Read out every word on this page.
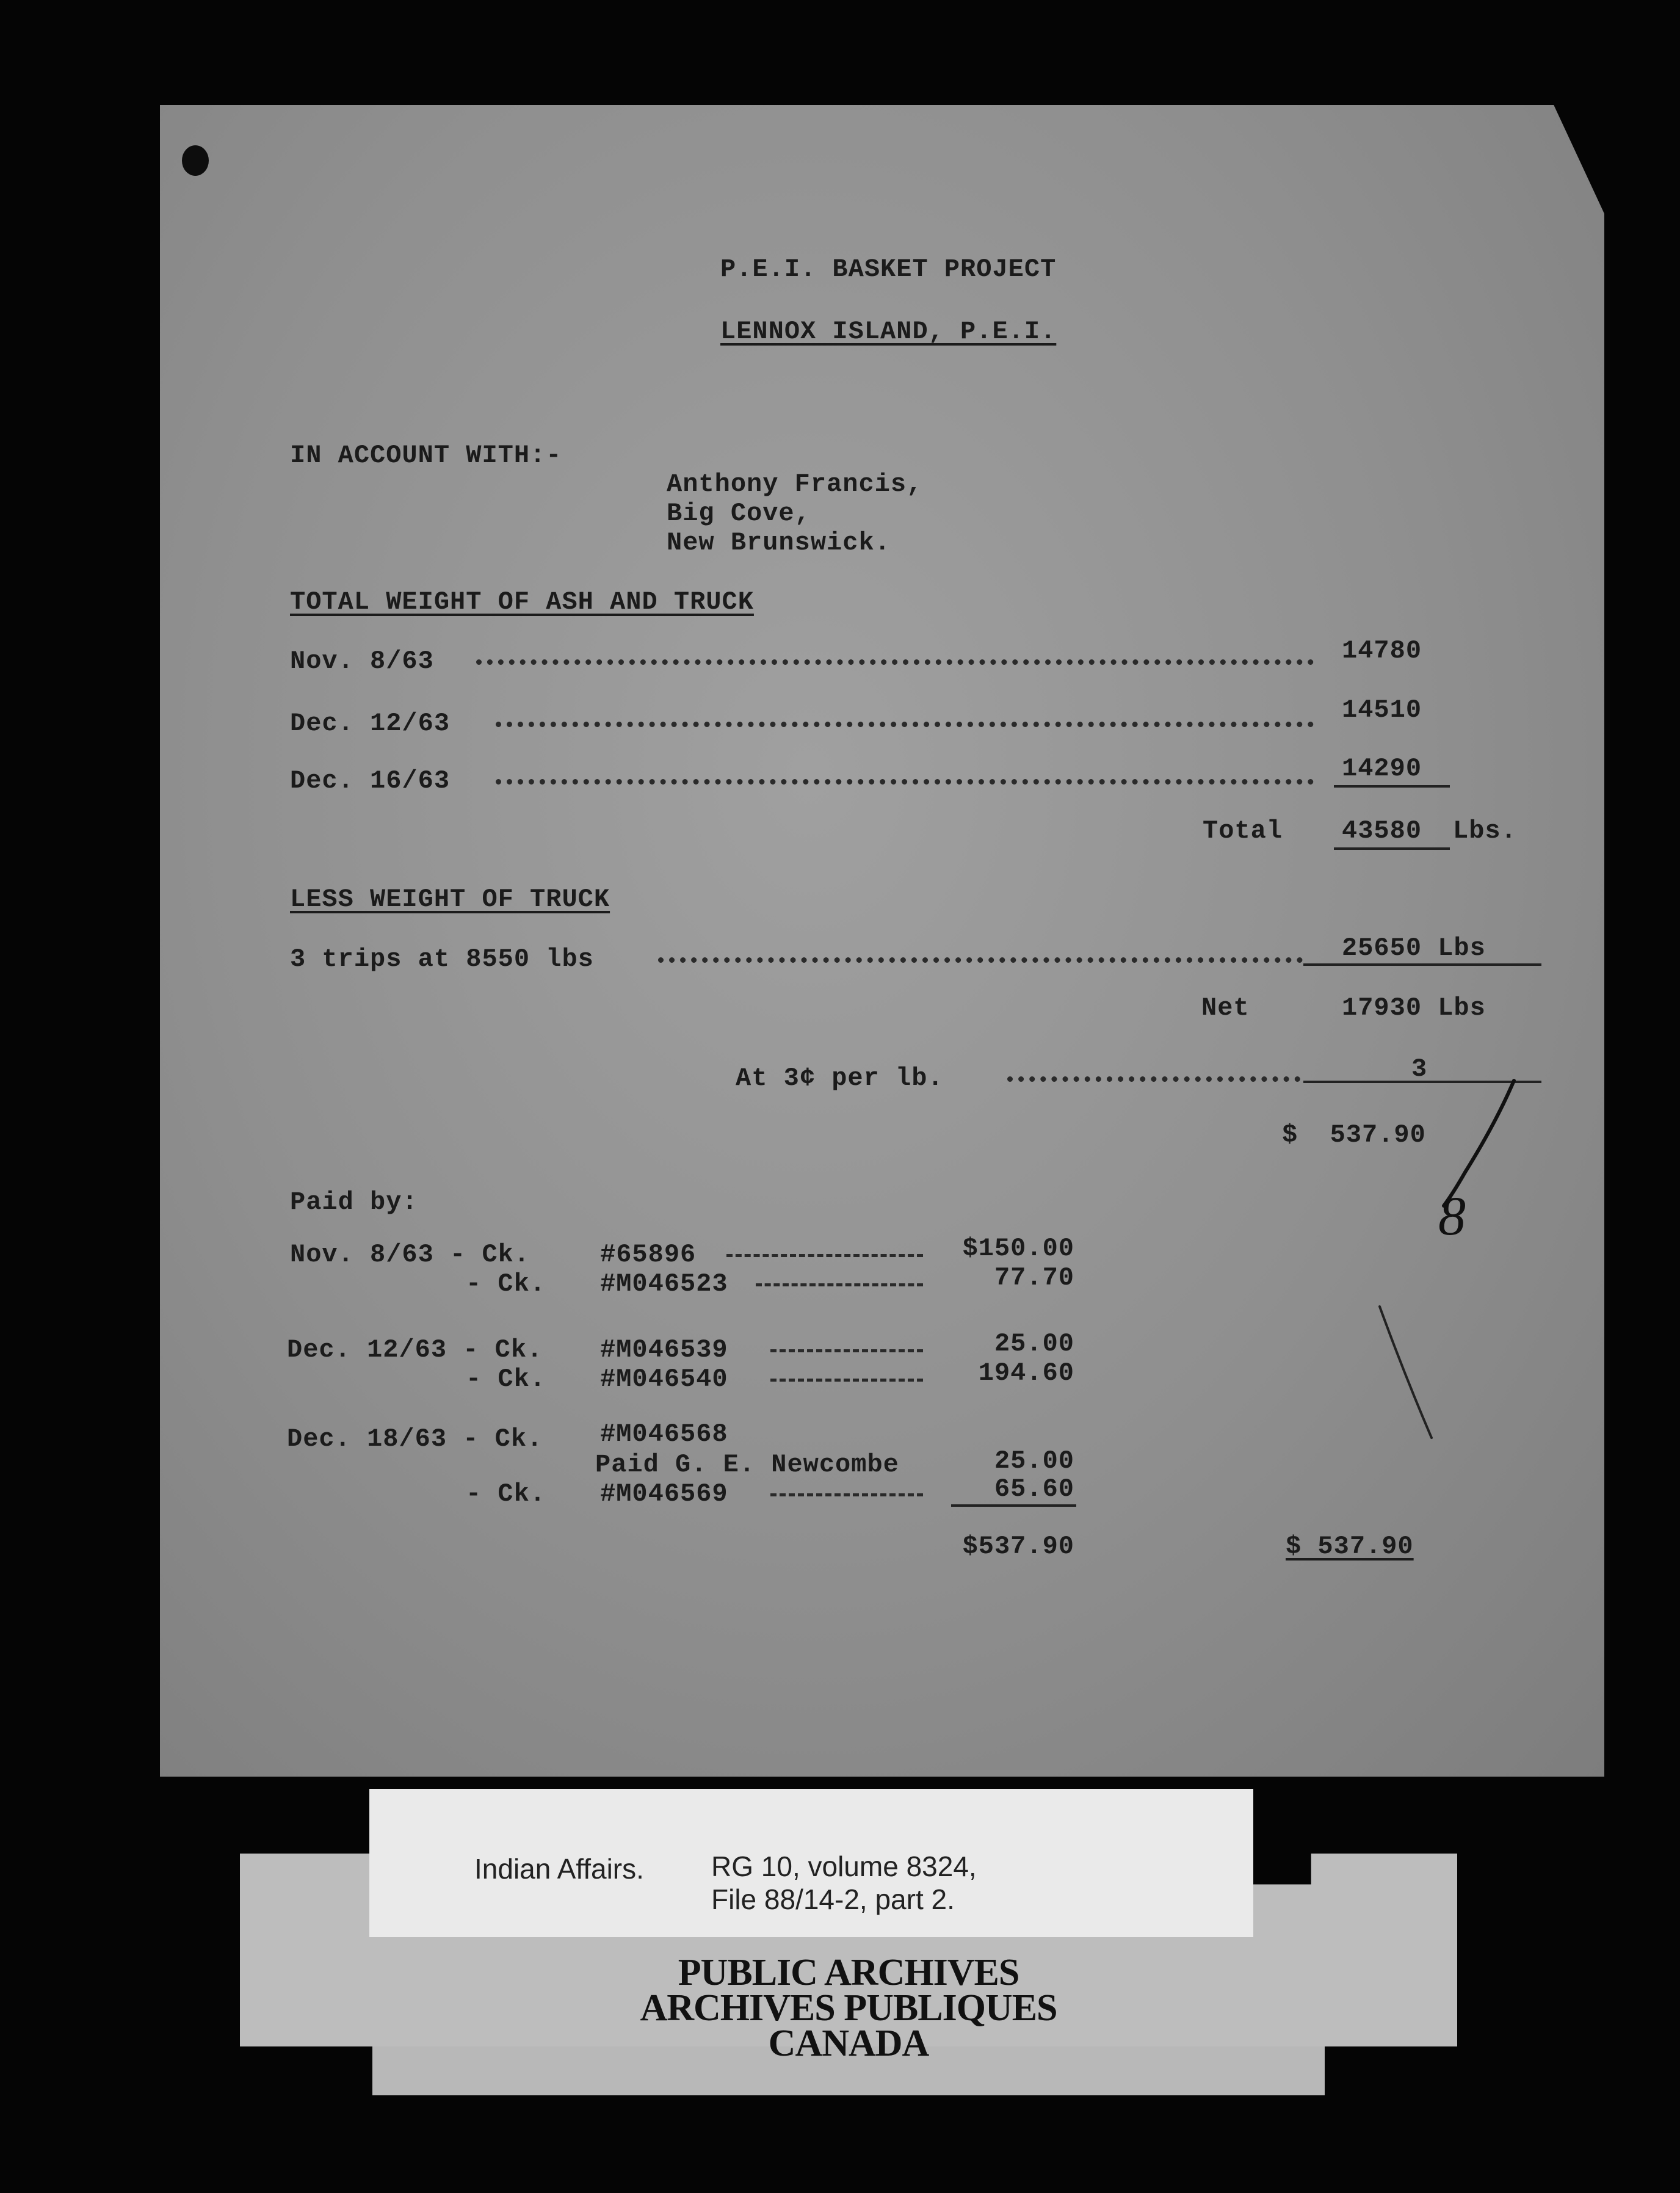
P.E.I. BASKET PROJECT
LENNOX ISLAND, P.E.I.
IN ACCOUNT WITH:-
Anthony Francis,
Big Cove,
New Brunswick.
TOTAL WEIGHT OF ASH AND TRUCK
Nov. 8/63	14780
Dec. 12/63	14510
Dec. 16/63	14290
Total 43580 Lbs.
LESS WEIGHT OF TRUCK
3 trips at 8550 lbs	25650 Lbs
Net	17930 Lbs
At 3¢ per lb.	3
$  537.90
8
Paid by:
Nov. 8/63 - Ck.	#65896	$150.00
- Ck. #M046523	77.70
Dec. 12/63 - Ck. #M046539	25.00
- Ck. #M046540	194.60
Dec. 18/63 - Ck. #M046568
Paid G. E. Newcombe	25.00
- Ck. #M046569	65.60
$537.90	$ 537.90
Indian Affairs. RG 10, volume 8324,
File 88/14-2, part 2.
PUBLIC ARCHIVES
ARCHIVES PUBLIQUES
CANADA
